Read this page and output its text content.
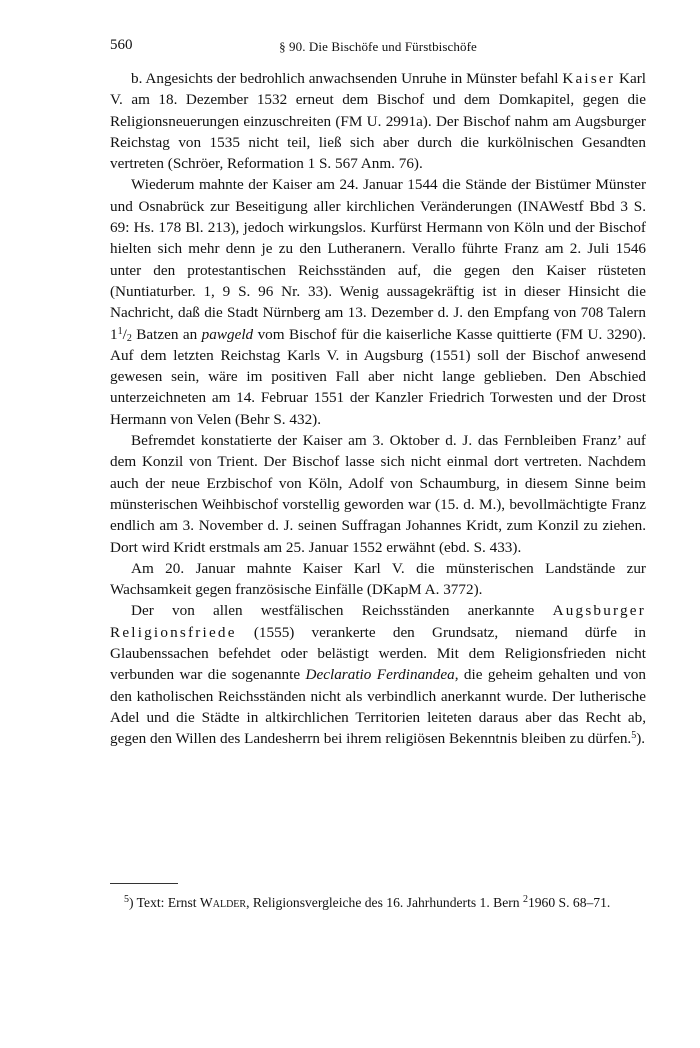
560	§ 90. Die Bischöfe und Fürstbischöfe

b. Angesichts der bedrohlich anwachsenden Unruhe in Münster befahl Kaiser Karl V. am 18. Dezember 1532 erneut dem Bischof und dem Domkapitel, gegen die Religionsneuerungen einzuschreiten (FM U. 2991a). Der Bischof nahm am Augsburger Reichstag von 1535 nicht teil, ließ sich aber durch die kurkölnischen Gesandten vertreten (Schröer, Reformation 1 S. 567 Anm. 76).

Wiederum mahnte der Kaiser am 24. Januar 1544 die Stände der Bistümer Münster und Osnabrück zur Beseitigung aller kirchlichen Veränderungen (INAWestf Bbd 3 S. 69: Hs. 178 Bl. 213), jedoch wirkungslos. Kurfürst Hermann von Köln und der Bischof hielten sich mehr denn je zu den Lutheranern. Verallo führte Franz am 2. Juli 1546 unter den protestantischen Reichsständen auf, die gegen den Kaiser rüsteten (Nuntiaturber. 1, 9 S. 96 Nr. 33). Wenig aussagekräftig ist in dieser Hinsicht die Nachricht, daß die Stadt Nürnberg am 13. Dezember d. J. den Empfang von 708 Talern $1^1/2$ Batzen an pawgeld vom Bischof für die kaiserliche Kasse quittierte (FM U. 3290). Auf dem letzten Reichstag Karls V. in Augsburg (1551) soll der Bischof anwesend gewesen sein, wäre im positiven Fall aber nicht lange geblieben. Den Abschied unterzeichneten am 14. Februar 1551 der Kanzler Friedrich Torwesten und der Drost Hermann von Velen (Behr S. 432).

Befremdet konstatierte der Kaiser am 3. Oktober d. J. das Fernbleiben Franz’ auf dem Konzil von Trient. Der Bischof lasse sich nicht einmal dort vertreten. Nachdem auch der neue Erzbischof von Köln, Adolf von Schaumburg, in diesem Sinne beim münsterischen Weihbischof vorstellig geworden war (15. d. M.), bevollmächtigte Franz endlich am 3. November d. J. seinen Suffragan Johannes Kridt, zum Konzil zu ziehen. Dort wird Kridt erstmals am 25. Januar 1552 erwähnt (ebd. S. 433).

Am 20. Januar mahnte Kaiser Karl V. die münsterischen Landstände zur Wachsamkeit gegen französische Einfälle (DKapM A. 3772).

Der von allen westfälischen Reichsständen anerkannte Augsburger Religionsfriede (1555) verankerte den Grundsatz, niemand dürfe in Glaubenssachen befehdet oder belästigt werden. Mit dem Religionsfrieden nicht verbunden war die sogenannte Declaratio Ferdinandea, die geheim gehalten und von den katholischen Reichsständen nicht als verbindlich anerkannt wurde. Der lutherische Adel und die Städte in altkirchlichen Territorien leiteten daraus aber das Recht ab, gegen den Willen des Landesherrn bei ihrem religiösen Bekenntnis bleiben zu dürfen.$^5$).

$^5$) Text: Ernst Walder, Religionsvergleiche des 16. Jahrhunderts 1. Bern $^2$1960 S. 68–71.
